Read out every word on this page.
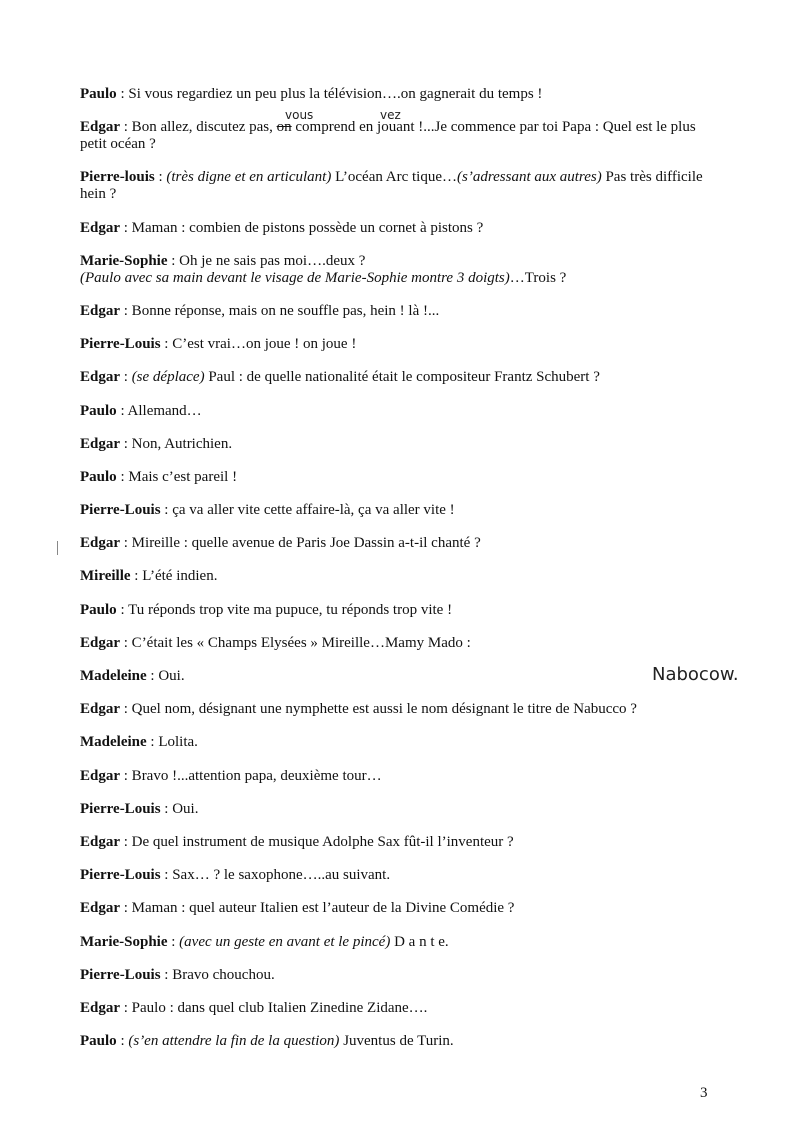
Paulo : Si vous regardiez un peu plus la télévision….on gagnerait du temps !

Edgar : Bon allez, discutez pas, on comprend en jouant !...Je commence par toi Papa : Quel est le plus petit océan ?
vous	vez

Pierre-louis : (très digne et en articulant) L’océan Arc tique…(s’adressant aux autres) Pas très difficile hein ?

Edgar : Maman : combien de pistons possède un cornet à pistons ?

Marie-Sophie : Oh je ne sais pas moi….deux ?
(Paulo avec sa main devant le visage de Marie-Sophie montre 3 doigts)…Trois ?

Edgar : Bonne réponse, mais on ne souffle pas, hein ! là !...

Pierre-Louis : C’est vrai…on joue ! on joue !

Edgar : (se déplace) Paul : de quelle nationalité était le compositeur Frantz Schubert ?

Paulo : Allemand…

Edgar : Non, Autrichien.

Paulo : Mais c’est pareil !

Pierre-Louis : ça va aller vite cette affaire-là, ça va aller vite !

Edgar : Mireille : quelle avenue de Paris Joe Dassin a-t-il chanté ?

Mireille : L’été indien.

Paulo : Tu réponds trop vite ma pupuce, tu réponds trop vite !

Edgar : C’était les « Champs Elysées » Mireille…Mamy Mado :

Madeleine : Oui.	Nabocow.

Edgar : Quel nom, désignant une nymphette est aussi le nom désignant le titre de Nabucco ?

Madeleine : Lolita.

Edgar : Bravo !...attention papa, deuxième tour…

Pierre-Louis : Oui.

Edgar : De quel instrument de musique Adolphe Sax fût-il l’inventeur ?

Pierre-Louis : Sax… ? le saxophone…..au suivant.

Edgar : Maman : quel auteur Italien est l’auteur de la Divine Comédie ?

Marie-Sophie : (avec un geste en avant et le pincé) D a n t e.

Pierre-Louis : Bravo chouchou.

Edgar : Paulo : dans quel club Italien Zinedine Zidane….

Paulo : (s’en attendre la fin de la question) Juventus de Turin.

3
